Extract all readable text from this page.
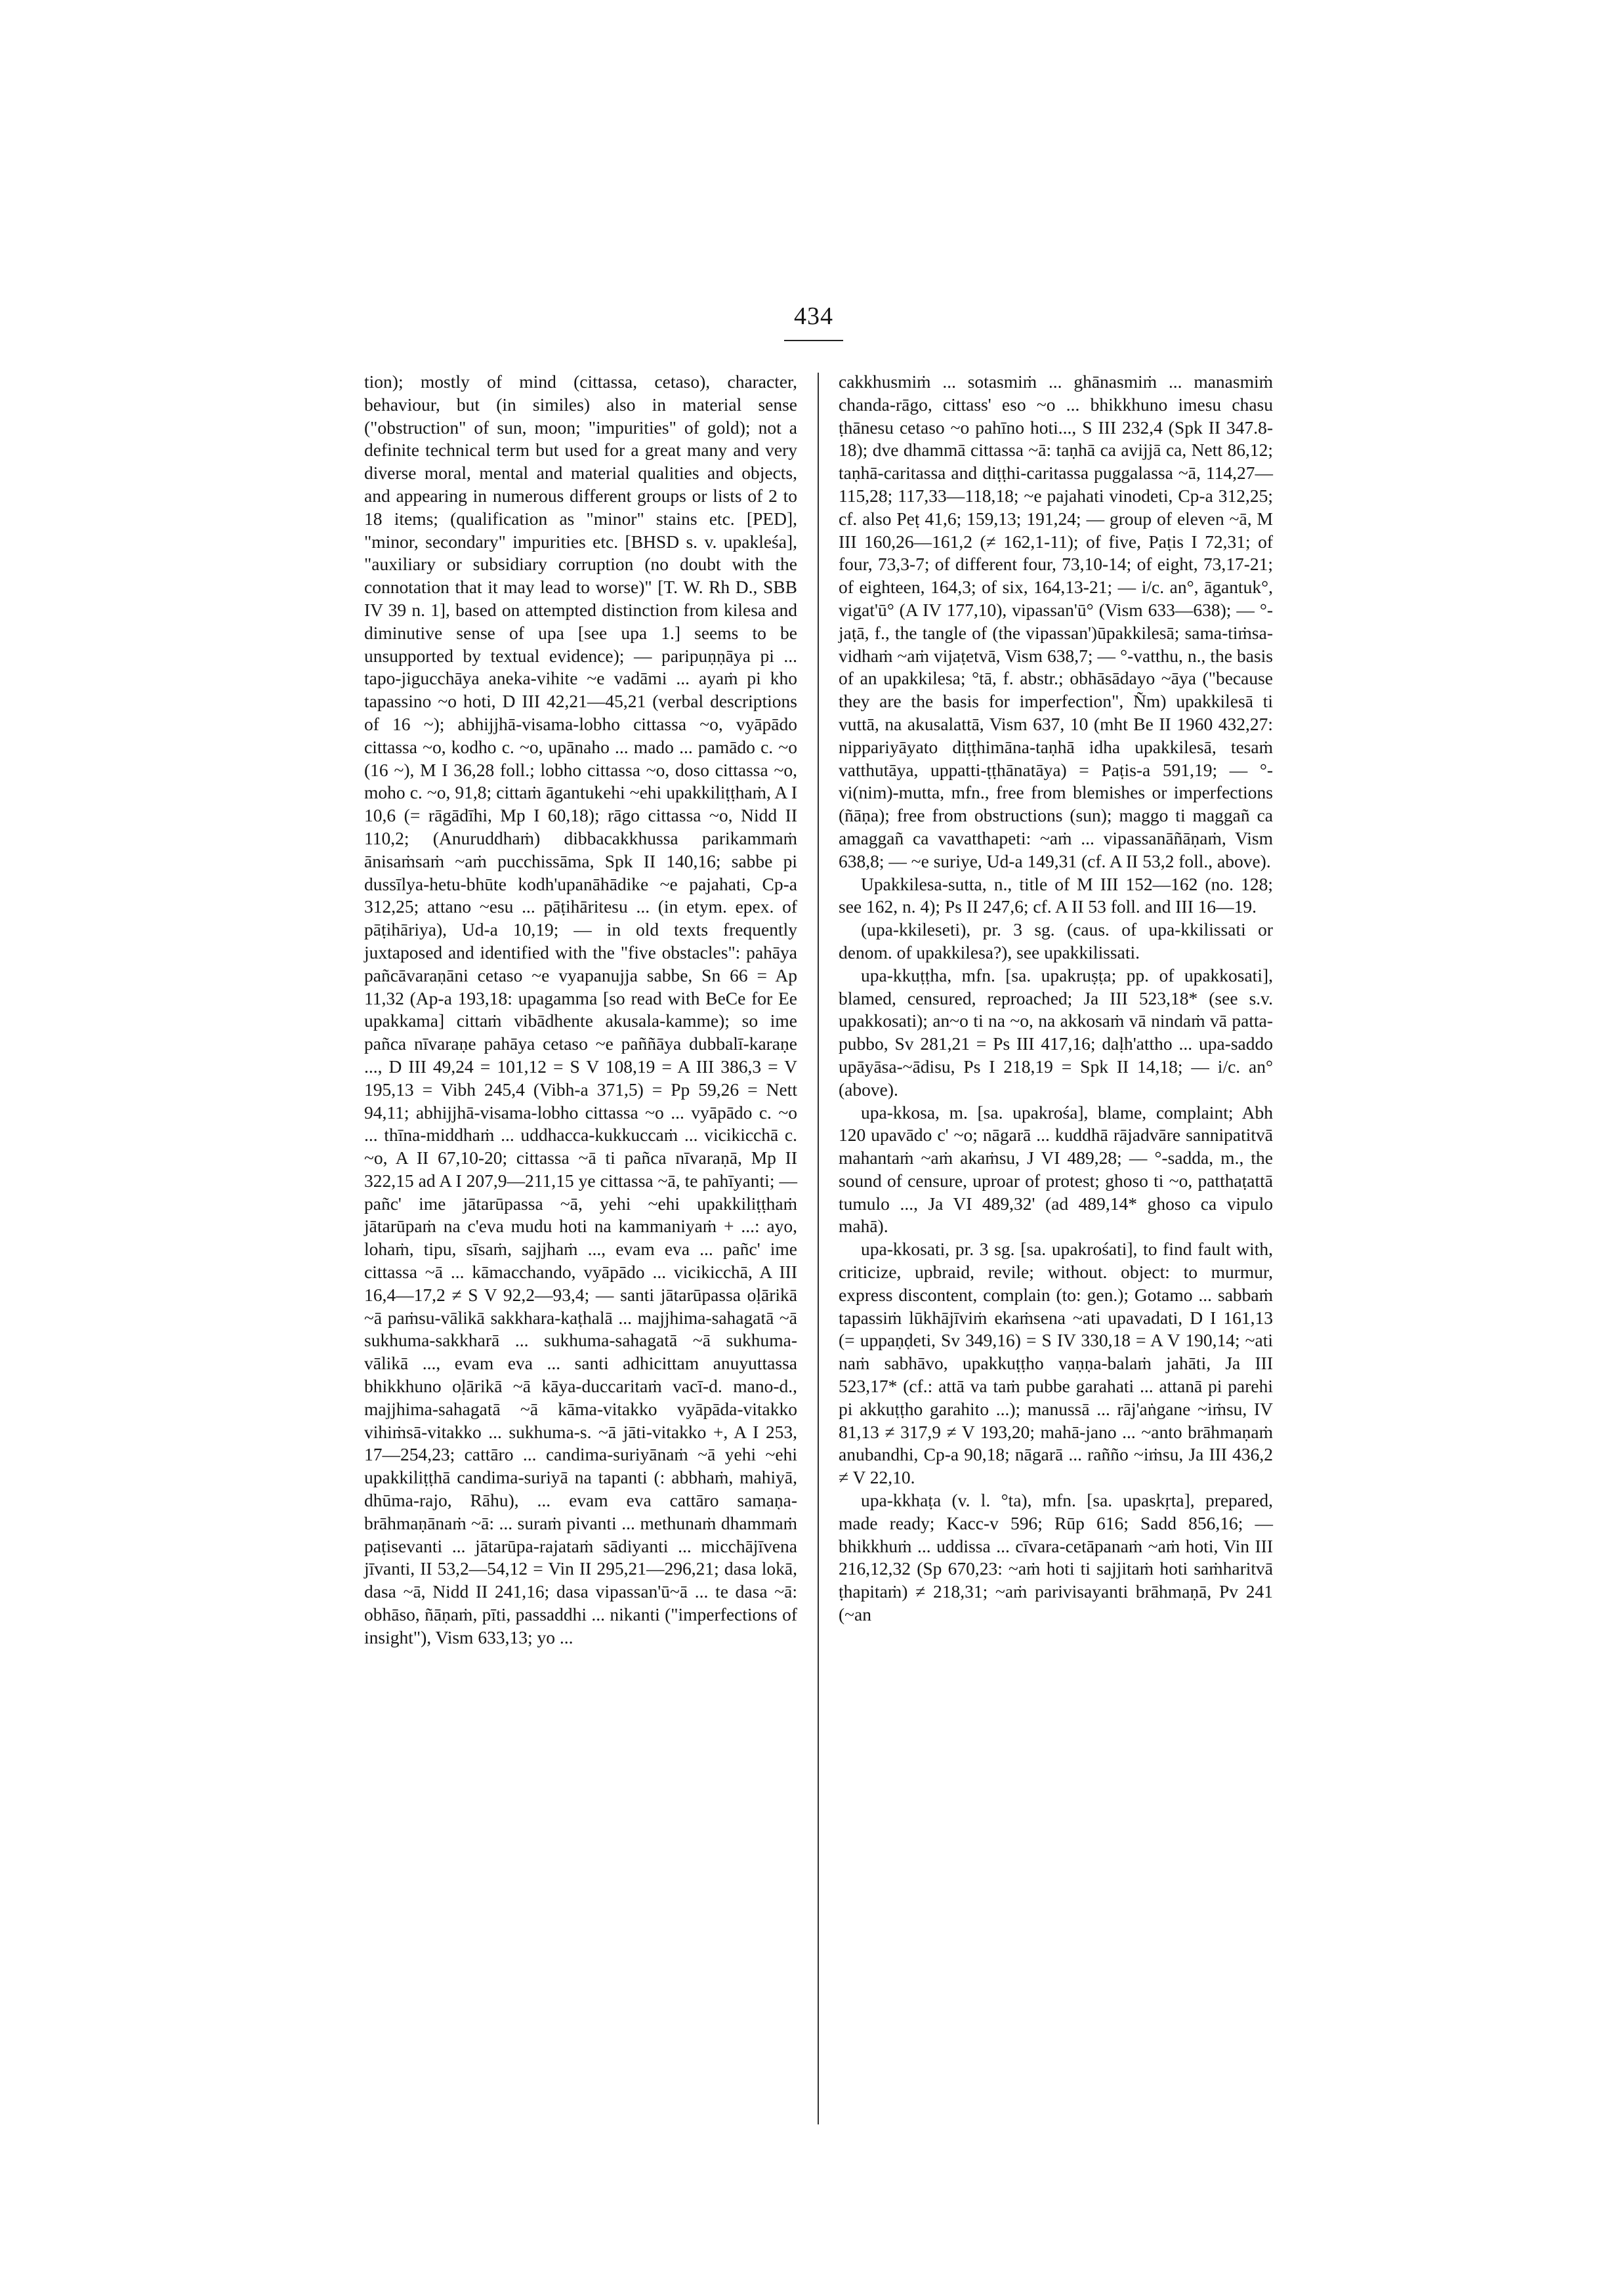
434

tion); mostly of mind (cittassa, cetaso), character, behaviour, but (in similes) also in material sense ("obstruction" of sun, moon; "impurities" of gold); not a definite technical term but used for a great many and very diverse moral, mental and material qualities and objects, and appearing in numerous different groups or lists of 2 to 18 items; (qualification as "minor" stains etc. [PED], "minor, secondary" impurities etc. [BHSD s. v. upakleśa], "auxiliary or subsidiary corruption (no doubt with the connotation that it may lead to worse)" [T. W. Rh D., SBB IV 39 n. 1], based on attempted distinction from kilesa and diminutive sense of upa [see upa 1.] seems to be unsupported by textual evidence); — paripuṇṇāya pi ... tapo-jigucchāya aneka-vihite ~e vadāmi ... ayaṁ pi kho tapassino ~o hoti, D III 42,21—45,21 (verbal descriptions of 16 ~); abhijjhā-visama-lobho cittassa ~o, vyāpādo cittassa ~o, kodho c. ~o, upānaho ... mado ... pamādo c. ~o (16 ~), M I 36,28 foll.; lobho cittassa ~o, doso cittassa ~o, moho c. ~o, 91,8; cittaṁ āgantukehi ~ehi upakkiliṭṭhaṁ, A I 10,6 (= rāgādīhi, Mp I 60,18); rāgo cittassa ~o, Nidd II 110,2; (Anuruddhaṁ) dibbacakkhussa parikammaṁ ānisaṁsaṁ ~aṁ pucchissāma, Spk II 140,16; sabbe pi dussīlya-hetu-bhūte kodh'upanāhādike ~e pajahati, Cp-a 312,25; attano ~esu ... pāṭihāritesu ... (in etym. epex. of pāṭihāriya), Ud-a 10,19; — in old texts frequently juxtaposed and identified with the "five obstacles": pahāya pañcāvaraṇāni cetaso ~e vyapanujja sabbe, Sn 66 = Ap 11,32 (Ap-a 193,18: upagamma [so read with BeCe for Ee upakkama] cittaṁ vibādhente akusala-kamme); so ime pañca nīvaraṇe pahāya cetaso ~e paññāya dubbalī-karaṇe ..., D III 49,24 = 101,12 = S V 108,19 = A III 386,3 = V 195,13 = Vibh 245,4 (Vibh-a 371,5) = Pp 59,26 = Nett 94,11; abhijjhā-visama-lobho cittassa ~o ... vyāpādo c. ~o ... thīna-middhaṁ ... uddhacca-kukkuccaṁ ... vicikicchā c. ~o, A II 67,10-20; cittassa ~ā ti pañca nīvaraṇā, Mp II 322,15 ad A I 207,9—211,15 ye cittassa ~ā, te pahīyanti; — pañc' ime jātarūpassa ~ā, yehi ~ehi upakkiliṭṭhaṁ jātarūpaṁ na c'eva mudu hoti na kammaniyaṁ + ...: ayo, lohaṁ, tipu, sīsaṁ, sajjhaṁ ..., evam eva ... pañc' ime cittassa ~ā ... kāmacchando, vyāpādo ... vicikicchā, A III 16,4—17,2 ≠ S V 92,2—93,4; — santi jātarūpassa oḷārikā ~ā paṁsu-vālikā sakkhara-kaṭhalā ... majjhima-sahagatā ~ā sukhuma-sakkharā ... sukhuma-sahagatā ~ā sukhuma-vālikā ..., evam eva ... santi adhicittam anuyuttassa bhikkhuno oḷārikā ~ā kāya-duccaritaṁ vacī-d. mano-d., majjhima-sahagatā ~ā kāma-vitakko vyāpāda-vitakko vihiṁsā-vitakko ... sukhuma-s. ~ā jāti-vitakko +, A I 253, 17—254,23; cattāro ... candima-suriyānaṁ ~ā yehi ~ehi upakkiliṭṭhā candima-suriyā na tapanti (: abbhaṁ, mahiyā, dhūma-rajo, Rāhu), ... evam eva cattāro samaṇa-brāhmaṇānaṁ ~ā: ... suraṁ pivanti ... methunaṁ dhammaṁ paṭisevanti ... jātarūpa-rajataṁ sādiyanti ... micchājīvena jīvanti, II 53,2—54,12 = Vin II 295,21—296,21; dasa lokā, dasa ~ā, Nidd II 241,16; dasa vipassan'ū~ā ... te dasa ~ā: obhāso, ñāṇaṁ, pīti, passaddhi ... nikanti ("imperfections of insight"), Vism 633,13; yo ...

cakkhusmiṁ ... sotasmiṁ ... ghānasmiṁ ... manasmiṁ chanda-rāgo, cittass' eso ~o ... bhikkhuno imesu chasu ṭhānesu cetaso ~o pahīno hoti..., S III 232,4 (Spk II 347.8-18); dve dhammā cittassa ~ā: taṇhā ca avijjā ca, Nett 86,12; taṇhā-caritassa and diṭṭhi-caritassa puggalassa ~ā, 114,27—115,28; 117,33—118,18; ~e pajahati vinodeti, Cp-a 312,25; cf. also Peṭ 41,6; 159,13; 191,24; — group of eleven ~ā, M III 160,26—161,2 (≠ 162,1-11); of five, Paṭis I 72,31; of four, 73,3-7; of different four, 73,10-14; of eight, 73,17-21; of eighteen, 164,3; of six, 164,13-21; — i/c. an°, āgantuk°, vigat'ū° (A IV 177,10), vipassan'ū° (Vism 633—638); — °-jaṭā, f., the tangle of (the vipassan')ūpakkilesā; sama-tiṁsa-vidhaṁ ~aṁ vijaṭetvā, Vism 638,7; — °-vatthu, n., the basis of an upakkilesa; °tā, f. abstr.; obhāsādayo ~āya ("because they are the basis for imperfection", Ñm) upakkilesā ti vuttā, na akusalattā, Vism 637, 10 (mht Be II 1960 432,27: nippariyāyato diṭṭhimāna-taṇhā idha upakkilesā, tesaṁ vatthutāya, uppatti-ṭṭhānatāya) = Paṭis-a 591,19; — °-vi(nim)-mutta, mfn., free from blemishes or imperfections (ñāṇa); free from obstructions (sun); maggo ti maggañ ca amaggañ ca vavatthapeti: ~aṁ ... vipassanāñāṇaṁ, Vism 638,8; — ~e suriye, Ud-a 149,31 (cf. A II 53,2 foll., above).

Upakkilesa-sutta, n., title of M III 152—162 (no. 128; see 162, n. 4); Ps II 247,6; cf. A II 53 foll. and III 16—19.

(upa-kkileseti), pr. 3 sg. (caus. of upa-kkilissati or denom. of upakkilesa?), see upakkilissati.

upa-kkuṭṭha, mfn. [sa. upakruṣṭa; pp. of upakkosati], blamed, censured, reproached; Ja III 523,18* (see s.v. upakkosati); an~o ti na ~o, na akkosaṁ vā nindaṁ vā patta-pubbo, Sv 281,21 = Ps III 417,16; daḷh'attho ... upa-saddo upāyāsa-~ādisu, Ps I 218,19 = Spk II 14,18; — i/c. an° (above).

upa-kkosa, m. [sa. upakrośa], blame, complaint; Abh 120 upavādo c' ~o; nāgarā ... kuddhā rājadvāre sannipatitvā mahantaṁ ~aṁ akaṁsu, J VI 489,28; — °-sadda, m., the sound of censure, uproar of protest; ghoso ti ~o, patthaṭattā tumulo ..., Ja VI 489,32' (ad 489,14* ghoso ca vipulo mahā).

upa-kkosati, pr. 3 sg. [sa. upakrośati], to find fault with, criticize, upbraid, revile; without. object: to murmur, express discontent, complain (to: gen.); Gotamo ... sabbaṁ tapassiṁ lūkhājīviṁ ekaṁsena ~ati upavadati, D I 161,13 (= uppaṇḍeti, Sv 349,16) = S IV 330,18 = A V 190,14; ~ati naṁ sabhāvo, upakkuṭṭho vaṇṇa-balaṁ jahāti, Ja III 523,17* (cf.: attā va taṁ pubbe garahati ... attanā pi parehi pi akkuṭṭho garahito ...); manussā ... rāj'aṅgane ~iṁsu, IV 81,13 ≠ 317,9 ≠ V 193,20; mahā-jano ... ~anto brāhmaṇaṁ anubandhi, Cp-a 90,18; nāgarā ... rañño ~iṁsu, Ja III 436,2 ≠ V 22,10.

upa-kkhaṭa (v. l. °ta), mfn. [sa. upaskṛta], prepared, made ready; Kacc-v 596; Rūp 616; Sadd 856,16; — bhikkhuṁ ... uddissa ... cīvara-cetāpanaṁ ~aṁ hoti, Vin III 216,12,32 (Sp 670,23: ~aṁ hoti ti sajjitaṁ hoti saṁharitvā ṭhapitaṁ) ≠ 218,31; ~aṁ parivisayanti brāhmaṇā, Pv 241 (~an
